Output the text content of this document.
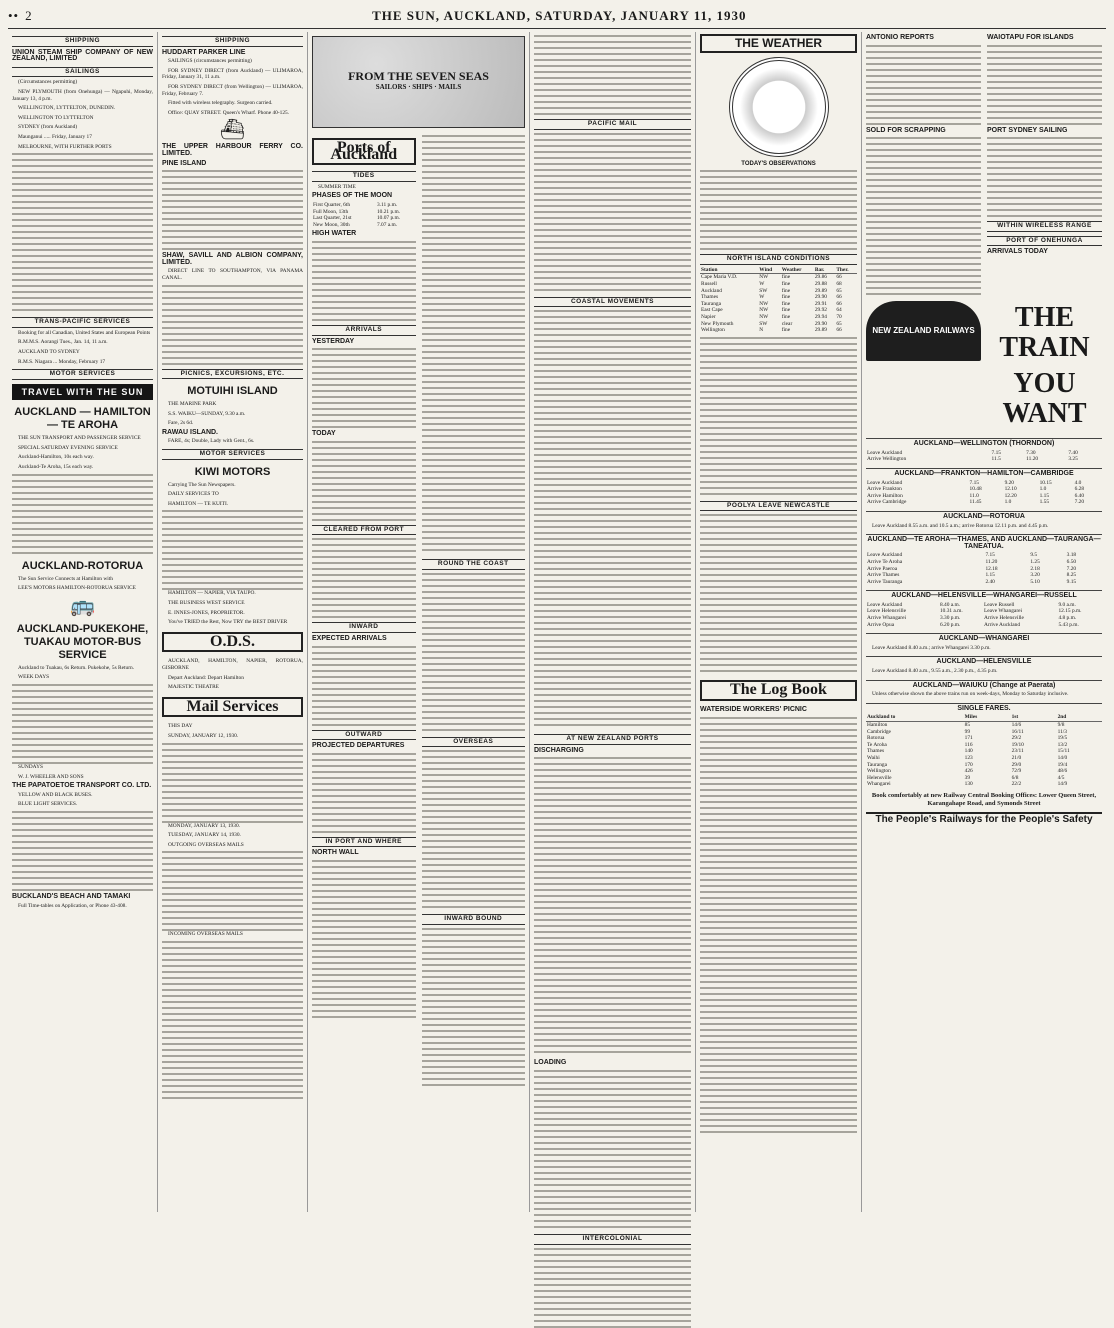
•• 2	THE SUN, AUCKLAND, SATURDAY, JANUARY 11, 1930
SHIPPING
UNION STEAM SHIP COMPANY OF NEW ZEALAND, LIMITED
SAILINGS

(Circumstances permitting)

NEW PLYMOUTH (from Onehunga) — Ngapuhi, Monday, January 13, 4 p.m.

WELLINGTON, LYTTELTON, DUNEDIN.

WELLINGTON TO LYTTELTON

SYDNEY (from Auckland)

Maunganui ..... Friday, January 17

MELBOURNE, WITH FURTHER PORTS

TRANS-PACIFIC SERVICES

Booking for all Canadian, United States and European Points

R.M.M.S. Aorangi Tues., Jan. 14, 11 a.m.

AUCKLAND TO SYDNEY

R.M.S. Niagara ... Monday, February 17

MOTOR SERVICES
TRAVEL WITH THE SUN
AUCKLAND — HAMILTON — TE AROHA

THE SUN TRANSPORT AND PASSENGER SERVICE

SPECIAL SATURDAY EVENING SERVICE

Auckland-Hamilton, 10s each way.

Auckland-Te Aroha, 15s each way.

AUCKLAND-ROTORUA

The Sun Service Connects at Hamilton with

LEE'S MOTORS HAMILTON-ROTORUA SERVICE

🚌
AUCKLAND-PUKEKOHE, TUAKAU MOTOR-BUS SERVICE

Auckland to Tuakau, 6s Return. Pukekohe, 5s Return.

WEEK DAYS

SUNDAYS

W. J. WHEELER AND SONS

THE PAPATOETOE TRANSPORT CO. LTD.

YELLOW AND BLACK BUSES.

BLUE LIGHT SERVICES.

BUCKLAND'S BEACH AND TAMAKI

Full Time-tables on Application, or Phone 43-408.

SHIPPING
HUDDART PARKER LINE

SAILINGS (circumstances permitting)

FOR SYDNEY DIRECT (from Auckland) — ULIMAROA, Friday, January 31, 11 a.m.

FOR SYDNEY DIRECT (from Wellington) — ULIMAROA, Friday, February 7.

Fitted with wireless telegraphy. Surgeon carried.

Office: QUAY STREET. Queen's Wharf. Phone 40-125.

⛴
THE UPPER HARBOUR FERRY CO. LIMITED.
PINE ISLAND
SHAW, SAVILL AND ALBION COMPANY, LIMITED.

DIRECT LINE TO SOUTHAMPTON, VIA PANAMA CANAL.

PICNICS, EXCURSIONS, ETC.
MOTUIHI ISLAND

THE MARINE PARK

S.S. WAIKU—SUNDAY, 9.30 a.m.

Fare, 2s 6d.

RAWAU ISLAND.

FARE, 4s; Double, Lady with Gent., 6s.

MOTOR SERVICES
KIWI MOTORS

Carrying The Sun Newspapers.

DAILY SERVICES TO

HAMILTON — TE KUITI.

HAMILTON — NAPIER, VIA TAUPO.

THE BUSINESS WEST SERVICE

E. INNES-JONES, PROPRIETOR.

You've TRIED the Rest, Now TRY the BEST DRIVER

O.D.S.

AUCKLAND, HAMILTON, NAPIER, ROTORUA, GISBORNE

Depart Auckland: Depart Hamilton

MAJESTIC THEATRE

Mail Services

THIS DAY

SUNDAY, JANUARY 12, 1930.

MONDAY, JANUARY 13, 1930.

TUESDAY, JANUARY 14, 1930.

OUTGOING OVERSEAS MAILS

INCOMING OVERSEAS MAILS

FROM THE SEVEN SEAS
SAILORS · SHIPS · MAILS
Ports of Auckland
TIDES

SUMMER TIME

PHASES OF THE MOON
First Quarter, 6th	3.11 p.m.
Full Moon, 13th	10.21 p.m.
Last Quarter, 21st	10.07 p.m.
New Moon, 30th	7.07 a.m.
HIGH WATER
ARRIVALS
YESTERDAY
TODAY
CLEARED FROM PORT
INWARD
EXPECTED ARRIVALS
OUTWARD
PROJECTED DEPARTURES
IN PORT AND WHERE
NORTH WALL
ROUND THE COAST
OVERSEAS
INWARD BOUND
PACIFIC MAIL
COASTAL MOVEMENTS
AT NEW ZEALAND PORTS
DISCHARGING
LOADING
INTERCOLONIAL
THE WEATHER
TODAY'S OBSERVATIONS
NORTH ISLAND CONDITIONS
Station	Wind	Weather	Bar.	Ther.
Cape Maria V.D.	NW	fine	29.86	66
Russell	W	fine	29.88	68
Auckland	SW	fine	29.89	65
Thames	W	fine	29.90	66
Tauranga	NW	fine	29.91	66
East Cape	NW	fine	29.92	64
Napier	NW	fine	29.94	70
New Plymouth	SW	clear	29.90	65
Wellington	N	fine	29.89	66
POOLYA LEAVE NEWCASTLE
The Log Book
WATERSIDE WORKERS' PICNIC
ANTONIO REPORTS
SOLD FOR SCRAPPING
WAIOTAPU FOR ISLANDS
PORT SYDNEY SAILING
WITHIN WIRELESS RANGE
PORT OF ONEHUNGA
ARRIVALS TODAY
NEW ZEALAND RAILWAYS	THE TRAIN
YOU WANT
AUCKLAND—WELLINGTON (THORNDON)
Leave Auckland	7.15	7.30	7.40
Arrive Wellington	11.5	11.20	3.25
AUCKLAND—FRANKTON—HAMILTON—CAMBRIDGE
Leave Auckland	7.15	9.20	10.15	4.0
Arrive Frankton	10.48	12.10	1.0	6.28
Arrive Hamilton	11.0	12.20	1.15	6.40
Arrive Cambridge	11.45	1.0	1.55	7.20
AUCKLAND—ROTORUA

Leave Auckland 8.55 a.m. and 10.5 a.m.; arrive Rotorua 12.11 p.m. and 4.45 p.m.

AUCKLAND—TE AROHA—THAMES, AND AUCKLAND—TAURANGA—TANEATUA.
Leave Auckland	7.15	9.5	3.18
Arrive Te Aroha	11.20	1.25	6.50
Arrive Paeroa	12.18	2.18	7.20
Arrive Thames	1.15	3.20	8.25
Arrive Tauranga	2.40	5.10	9.15
AUCKLAND—HELENSVILLE—WHANGAREI—RUSSELL
Leave Auckland	8.40 a.m.	Leave Russell	9.0 a.m.
Leave Helensville	10.31 a.m.	Leave Whangarei	12.15 p.m.
Arrive Whangarei	3.30 p.m.	Arrive Helensville	4.8 p.m.
Arrive Opua	6.20 p.m.	Arrive Auckland	5.43 p.m.
AUCKLAND—WHANGAREI

Leave Auckland 8.40 a.m.; arrive Whangarei 3.30 p.m.

AUCKLAND—HELENSVILLE

Leave Auckland 8.40 a.m., 9.55 a.m., 2.30 p.m., 4.35 p.m.

AUCKLAND—WAIUKU (Change at Paerata)

Unless otherwise shown the above trains run on week-days, Monday to Saturday inclusive.

SINGLE FARES.
Auckland to	Miles	1st	2nd
Hamilton	85	14/6	9/8
Cambridge	99	16/11	11/3
Rotorua	171	29/2	19/5
Te Aroha	116	19/10	13/2
Thames	140	23/11	15/11
Waihi	123	21/0	14/0
Tauranga	170	29/0	19/4
Wellington	426	72/9	48/6
Helensville	39	6/8	4/5
Whangarei	130	22/2	14/9
Book comfortably at new Railway Central Booking Offices: Lower Queen Street, Karangahape Road, and Symonds Street
The People's Railways for the People's Safety
